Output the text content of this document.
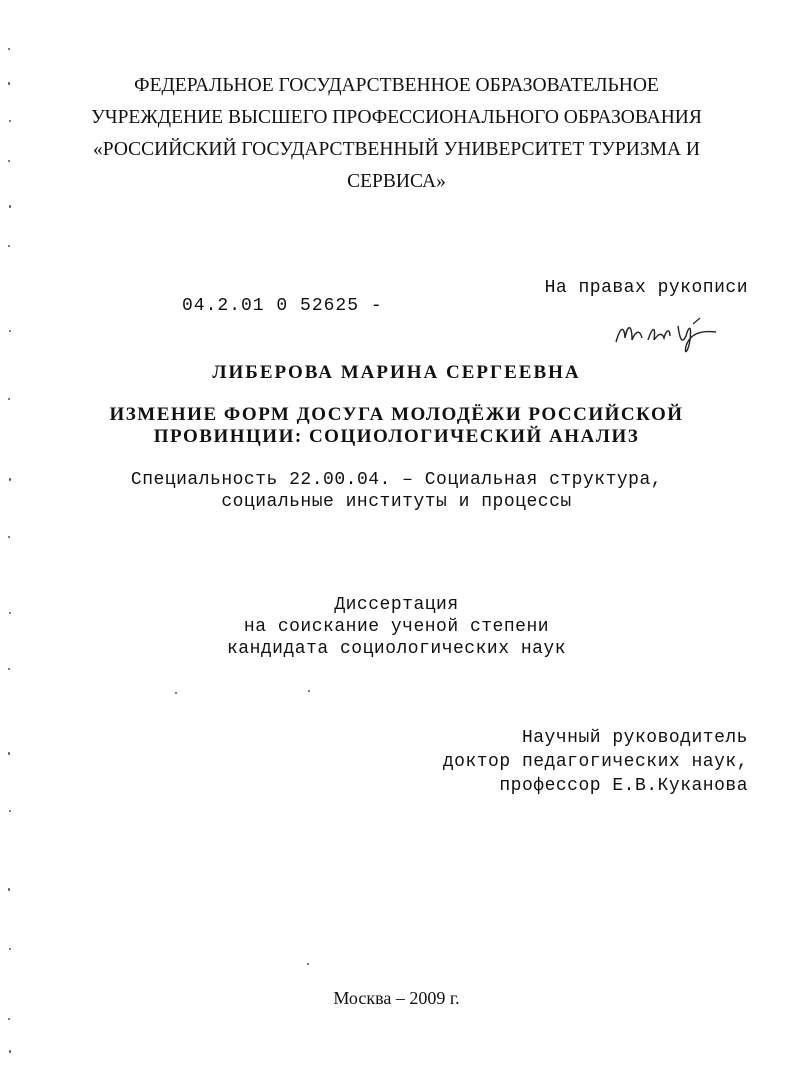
ФЕДЕРАЛЬНОЕ ГОСУДАРСТВЕННОЕ ОБРАЗОВАТЕЛЬНОЕ
УЧРЕЖДЕНИЕ ВЫСШЕГО ПРОФЕССИОНАЛЬНОГО ОБРАЗОВАНИЯ
«РОССИЙСКИЙ ГОСУДАРСТВЕННЫЙ УНИВЕРСИТЕТ ТУРИЗМА И
СЕРВИСА»
На правах рукописи
04.2.01 0 52625 -
ЛИБЕРОВА МАРИНА СЕРГЕЕВНА
ИЗМЕНИЕ ФОРМ ДОСУГА МОЛОДЁЖИ РОССИЙСКОЙ
ПРОВИНЦИИ: СОЦИОЛОГИЧЕСКИЙ АНАЛИЗ
Специальность 22.00.04. – Социальная структура,
социальные институты и процессы
Диссертация
на соискание ученой степени
кандидата социологических наук
Научный руководитель
доктор педагогических наук,
профессор Е.В.Куканова
Москва – 2009 г.
